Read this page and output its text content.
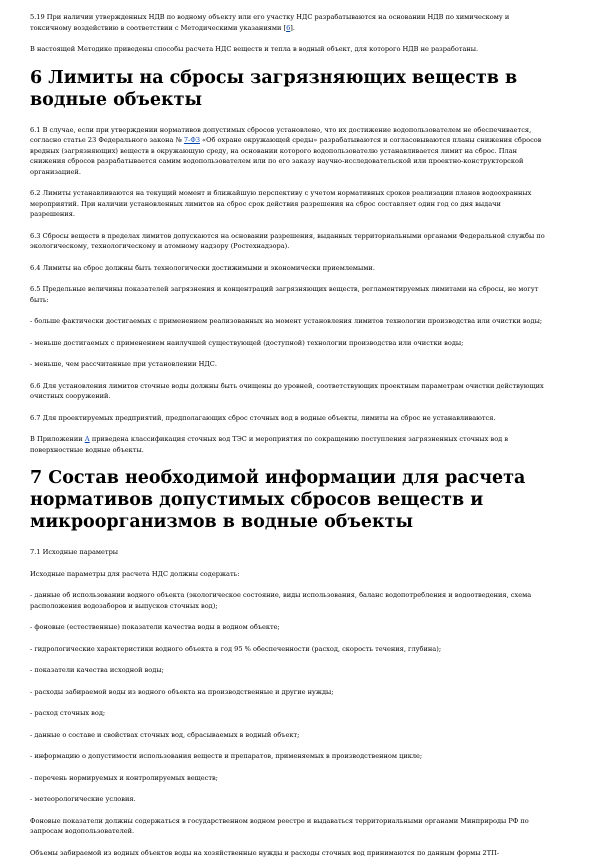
5.19 При наличии утвержденных НДВ по водному объекту или его участку НДС разрабатываются на основании НДВ по химическому и токсичному воздействию в соответствии с Методическими указаниями [6].

В настоящей Методике приведены способы расчета НДС веществ и тепла в водный объект, для которого НДВ не разработаны.

6 Лимиты на сбросы загрязняющих веществ в водные объекты

6.1 В случае, если при утверждении нормативов допустимых сбросов установлено, что их достижение водопользователем не обеспечивается, согласно статье 23 Федерального закона № 7-ФЗ «Об охране окружающей среды» разрабатываются и согласовываются планы снижения сбросов вредных (загрязняющих) веществ в окружающую среду, на основании которого водопользователю устанавливается лимит на сброс. План снижения сбросов разрабатывается самим водопользователем или по его заказу научно-исследовательской или проектно-конструкторской организацией.

6.2 Лимиты устанавливаются на текущий момент и ближайшую перспективу с учетом нормативных сроков реализации планов водоохранных мероприятий. При наличии установленных лимитов на сброс срок действия разрешения на сброс составляет один год со дня выдачи разрешения.

6.3 Сбросы веществ в пределах лимитов допускаются на основании разрешения, выданных территориальными органами Федеральной службы по экологическому, технологическому и атомному надзору (Ростехнадзора).

6.4 Лимиты на сброс должны быть технологически достижимыми и экономически приемлемыми.

6.5 Предельные величины показателей загрязнения и концентраций загрязняющих веществ, регламентируемых лимитами на сбросы, не могут быть:

- больше фактически достигаемых с применением реализованных на момент установления лимитов технологии производства или очистки воды;

- меньше достигаемых с применением наилучшей существующей (доступной) технологии производства или очистки воды;

- меньше, чем рассчитанные при установлении НДС.

6.6 Для установления лимитов сточные воды должны быть очищены до уровней, соответствующих проектным параметрам очистки действующих очистных сооружений.

6.7 Для проектируемых предприятий, предполагающих сброс сточных вод в водные объекты, лимиты на сброс не устанавливаются.

В Приложении А приведена классификация сточных вод ТЭС и мероприятия по сокращению поступления загрязненных сточных вод в поверхностные водные объекты.

7 Состав необходимой информации для расчета нормативов допустимых сбросов веществ и микроорганизмов в водные объекты

7.1 Исходные параметры

Исходные параметры для расчета НДС должны содержать:

- данные об использовании водного объекта (экологическое состояние, виды использования, баланс водопотребления и водоотведения, схема расположения водозаборов и выпусков сточных вод);

- фоновые (естественные) показатели качества воды в водном объекте;

- гидрологические характеристики водного объекта в год 95 % обеспеченности (расход, скорость течения, глубина);

- показатели качества исходной воды;

- расходы забираемой воды из водного объекта на производственные и другие нужды;

- расход сточных вод;

- данные о составе и свойствах сточных вод, сбрасываемых в водный объект;

- информацию о допустимости использования веществ и препаратов, применяемых в производственном цикле;

- перечень нормируемых и контролируемых веществ;

- метеорологические условия.

Фоновые показатели должны содержаться в государственном водном реестре и выдаваться территориальными органами Минприроды РФ по запросам водопользователей.

Объемы забираемой из водных объектов воды на хозяйственные нужды и расходы сточных вод принимаются по данным формы 2ТП-
